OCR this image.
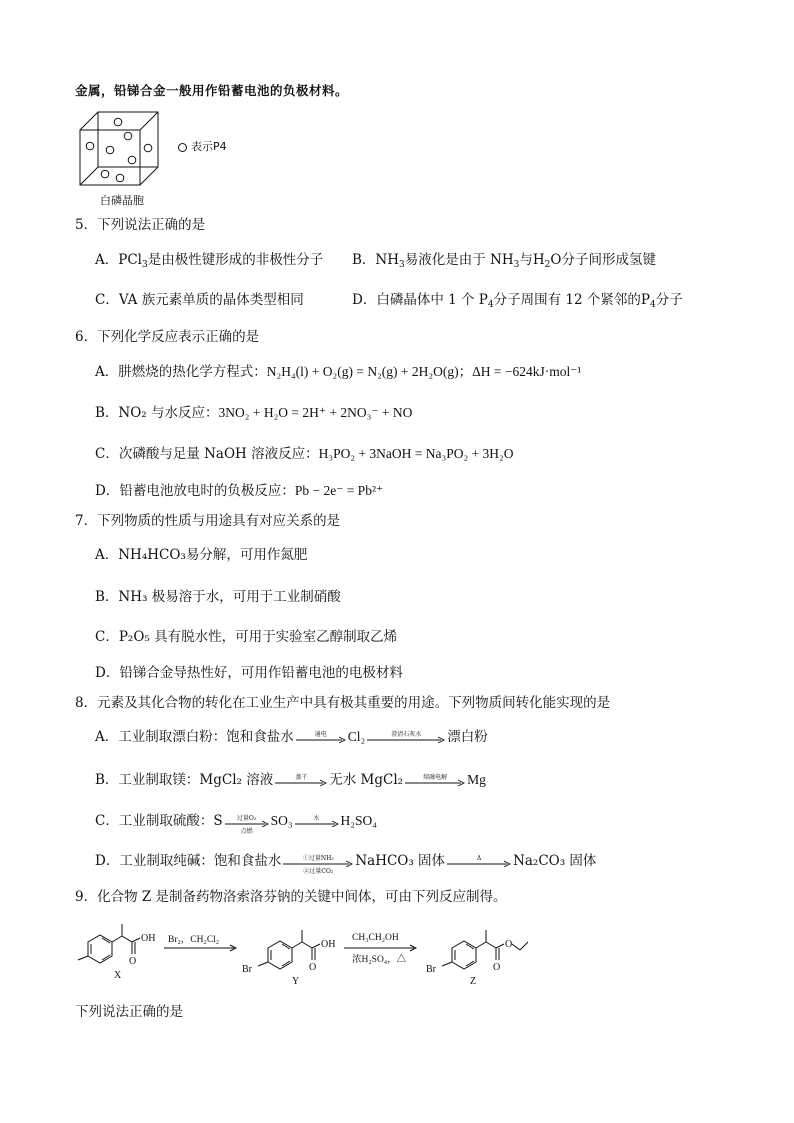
金属，铅锑合金一般用作铅蓄电池的负极材料。
表示P4
白磷晶胞
5．下列说法正确的是
A．PCl$_3$是由极性键形成的非极性分子 B．$NH_3$易液化是由于 $NH_3$与$H_2O$分子间形成氢键
C．VA 族元素单质的晶体类型相同	D．白磷晶体中 1 个 $P_4$分子周围有 12 个紧邻的$P_4$分子
6．下列化学反应表示正确的是
A．肼燃烧的热化学方程式：N₂H₄(l) + O₂(g) = N₂(g) + 2H₂O(g)；ΔH = −624kJ·mol⁻¹
B．NO₂ 与水反应：3NO₂ + H₂O = 2H⁺ + 2NO₃⁻ + NO
C．次磷酸与足量 NaOH 溶液反应：H₃PO₂ + 3NaOH = Na₃PO₂ + 3H₂O
D．铅蓄电池放电时的负极反应：Pb − 2e⁻ = Pb²⁺
7．下列物质的性质与用途具有对应关系的是
A．NH₄HCO₃易分解，可用作氮肥
B．NH₃ 极易溶于水，可用于工业制硝酸
C．P₂O₅ 具有脱水性，可用于实验室乙醇制取乙烯
D．铅锑合金导热性好，可用作铅蓄电池的电极材料
8．元素及其化合物的转化在工业生产中具有极其重要的用途。下列物质间转化能实现的是
A．工业制取漂白粉：饱和食盐水	通电	Cl₂	澄清石灰水	漂白粉
B．工业制取镁：MgCl₂ 溶液	蒸干	无水 MgCl₂	熔融电解	Mg
C．工业制取硫酸：S	过量O₂
点燃
SO₃	水	H₂SO₄
D．工业制取纯碱：饱和食盐水	①过量NH₃
②过量CO₂
NaHCO₃ 固体	Δ	Na₂CO₃ 固体
9．化合物 Z 是制备药物洛索洛芬钠的关键中间体，可由下列反应制得。
OH
O
X
Br₂，CH₂Cl₂
Br
OH
O
Y
CH₃CH₂OH
浓H₂SO₄，△
Br
O
O
Z
下列说法正确的是
